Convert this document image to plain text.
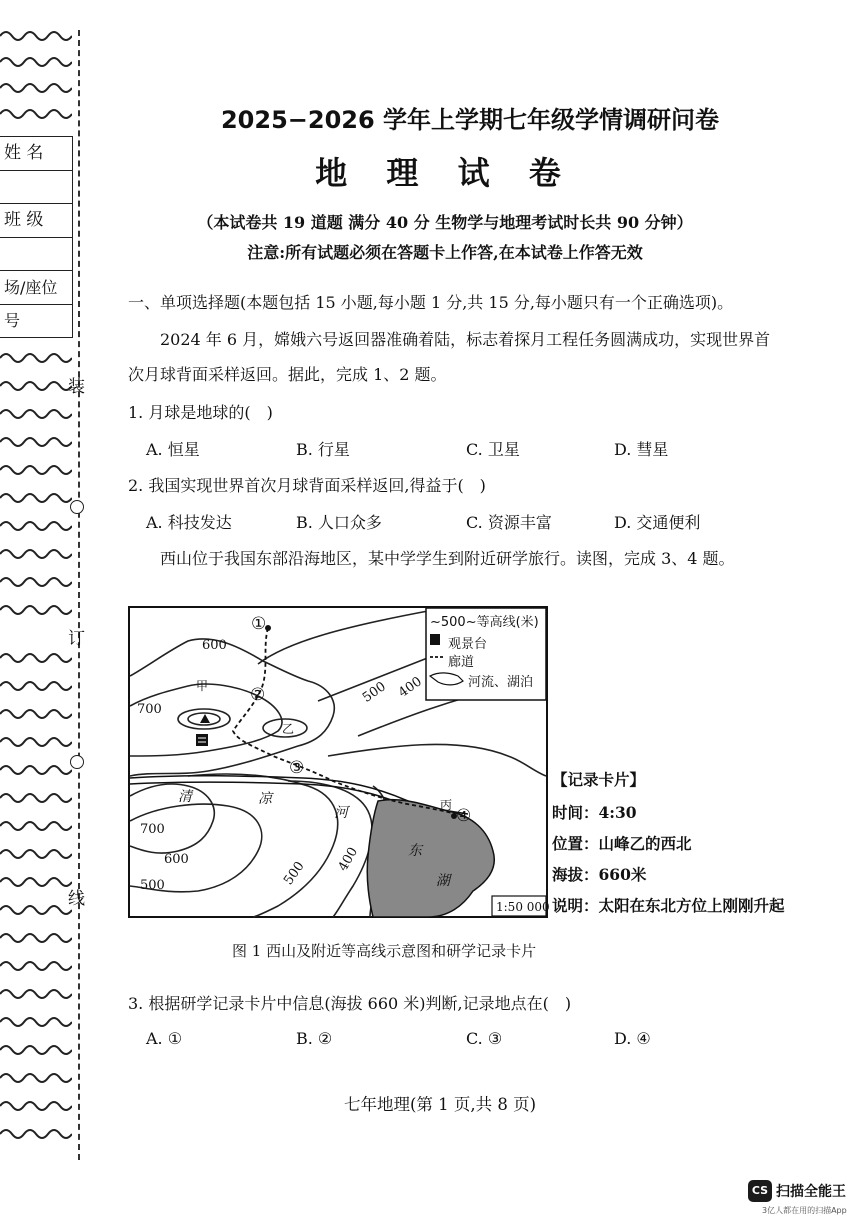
姓 名
班 级
场/座位号
装
订
线
2025−2026 学年上学期七年级学情调研问卷
地 理 试 卷
（本试卷共 19 道题 满分 40 分 生物学与地理考试时长共 90 分钟）
注意:所有试题必须在答题卡上作答,在本试卷上作答无效
一、单项选择题(本题包括 15 小题,每小题 1 分,共 15 分,每小题只有一个正确选项)。
2024 年 6 月，嫦娥六号返回器准确着陆，标志着探月工程任务圆满成功，实现世界首
次月球背面采样返回。据此，完成 1、2 题。
1. 月球是地球的(　)
A. 恒星	B. 行星	C. 卫星	D. 彗星
2. 我国实现世界首次月球背面采样返回,得益于(　)
A. 科技发达	B. 人口众多	C. 资源丰富	D. 交通便利
西山位于我国东部沿海地区，某中学学生到附近研学旅行。读图，完成 3、4 题。
~500~等高线(米)
观景台
廊道
河流、湖泊
600
700
500 400
700
600
500	500 400
甲
乙
丙
清	凉
河
东
湖
①
②
③
④
1:50 000
【记录卡片】
时间：4:30
位置：山峰乙的西北
海拔：660米
说明：太阳在东北方位上刚刚升起
图 1 西山及附近等高线示意图和研学记录卡片
3. 根据研学记录卡片中信息(海拔 660 米)判断,记录地点在(　)
A. ①	B. ②	C. ③	D. ④
七年地理(第 1 页,共 8 页)
CS 扫描全能王
3亿人都在用的扫描App
